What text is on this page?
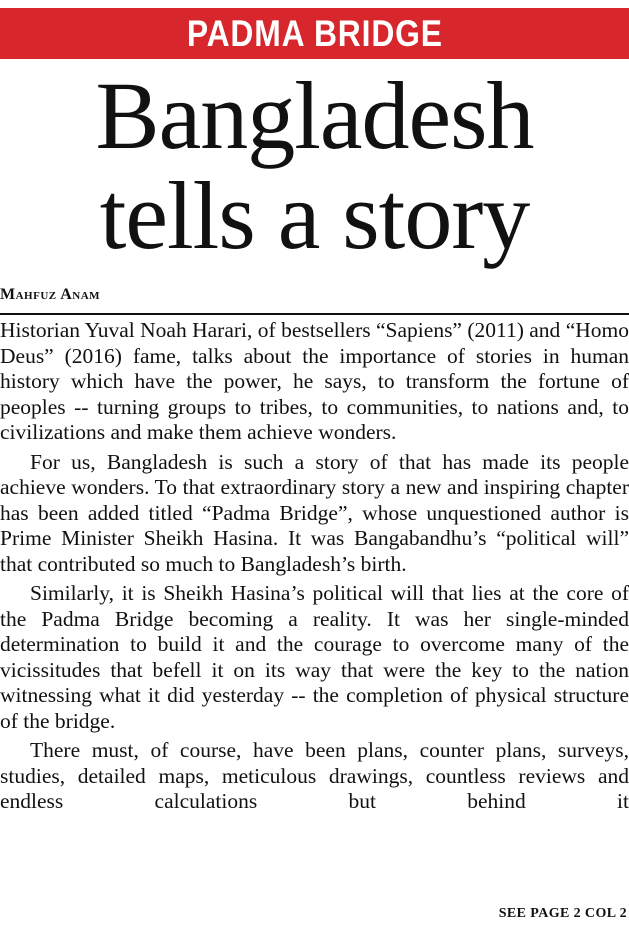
PADMA BRIDGE
Bangladesh
tells a story
Mahfuz Anam

Historian Yuval Noah Harari, of bestsellers “Sapiens” (2011) and “Homo Deus” (2016) fame, talks about the importance of stories in human history which have the power, he says, to transform the fortune of peoples -- turning groups to tribes, to communities, to nations and, to civilizations and make them achieve wonders.

For us, Bangladesh is such a story of that has made its people achieve wonders. To that extraordinary story a new and inspiring chapter has been added titled “Padma Bridge”, whose unquestioned author is Prime Minister Sheikh Hasina. It was Bangabandhu’s “political will” that contributed so much to Bangladesh’s birth.

Similarly, it is Sheikh Hasina’s political will that lies at the core of the Padma Bridge becoming a reality. It was her single-minded determination to build it and the courage to overcome many of the vicissitudes that befell it on its way that were the key to the nation witnessing what it did yesterday -- the completion of physical structure of the bridge.

There must, of course, have been plans, counter plans, surveys, studies, detailed maps, meticulous drawings, countless reviews and endless calculations but behind it

SEE PAGE 2 COL 2
